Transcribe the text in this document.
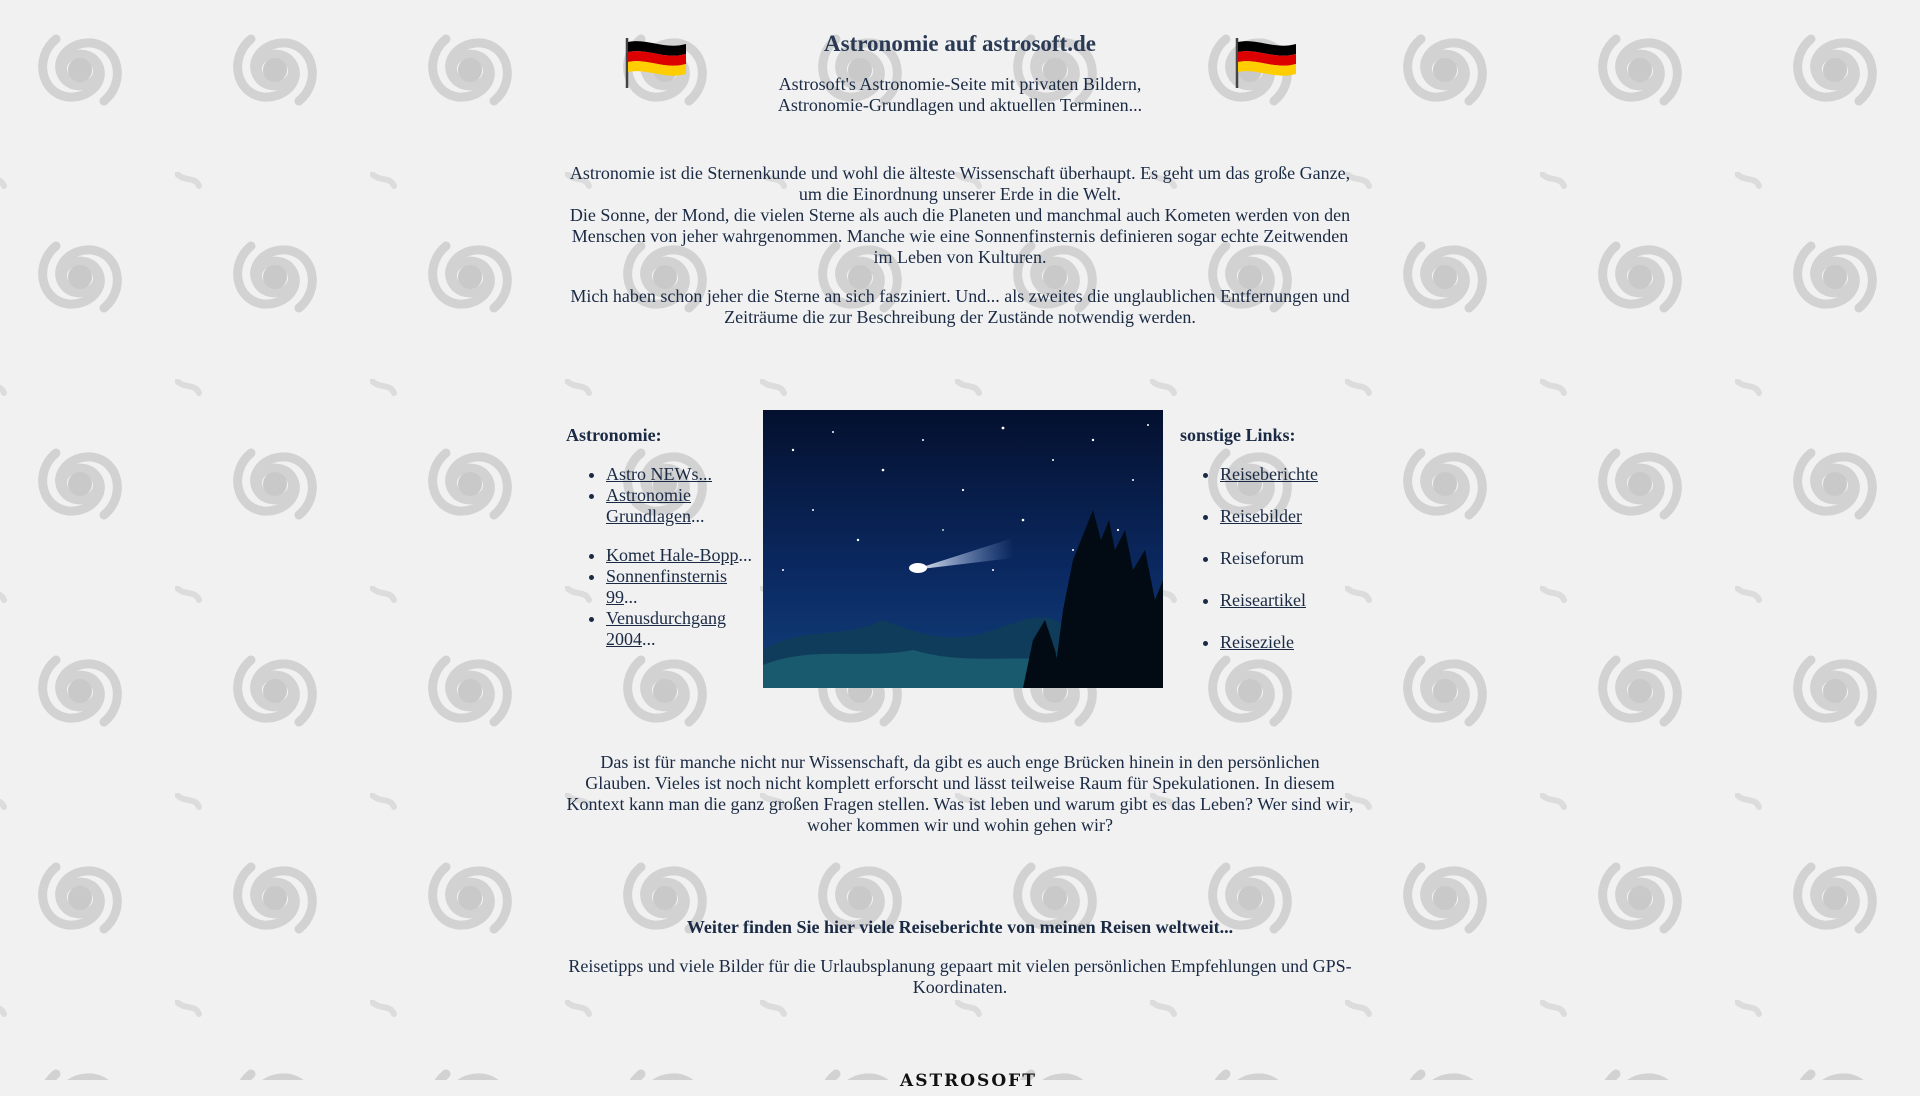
Astronomie auf astrosoft.de
Astrosoft's Astronomie-Seite mit privaten Bildern,
Astronomie-Grundlagen und aktuellen Terminen...
Astronomie ist die Sternenkunde und wohl die älteste Wissenschaft überhaupt. Es geht um das große Ganze,
um die Einordnung unserer Erde in die Welt.
Die Sonne, der Mond, die vielen Sterne als auch die Planeten und manchmal auch Kometen werden von den
Menschen von jeher wahrgenommen. Manche wie eine Sonnenfinsternis definieren sogar echte Zeitwenden
im Leben von Kulturen.
Mich haben schon jeher die Sterne an sich fasziniert. Und... als zweites die unglaublichen Entfernungen und
Zeiträume die zur Beschreibung der Zustände notwendig werden.
Astronomie:
• Astro NEWs...
• Astronomie Grundlagen...
• Komet Hale-Bopp...
• Sonnenfinsternis 99...
• Venusdurchgang 2004...
sonstige Links:
• Reiseberichte
• Reisebilder
• Reiseforum
• Reiseartikel
• Reiseziele
Das ist für manche nicht nur Wissenschaft, da gibt es auch enge Brücken hinein in den persönlichen
Glauben. Vieles ist noch nicht komplett erforscht und lässt teilweise Raum für Spekulationen. In diesem
Kontext kann man die ganz großen Fragen stellen. Was ist leben und warum gibt es das Leben? Wer sind wir,
woher kommen wir und wohin gehen wir?
Weiter finden Sie hier viele Reiseberichte von meinen Reisen weltweit...
Reisetipps und viele Bilder für die Urlaubsplanung gepaart mit vielen persönlichen Empfehlungen und GPS-
Koordinaten.
ASTROSOFT
